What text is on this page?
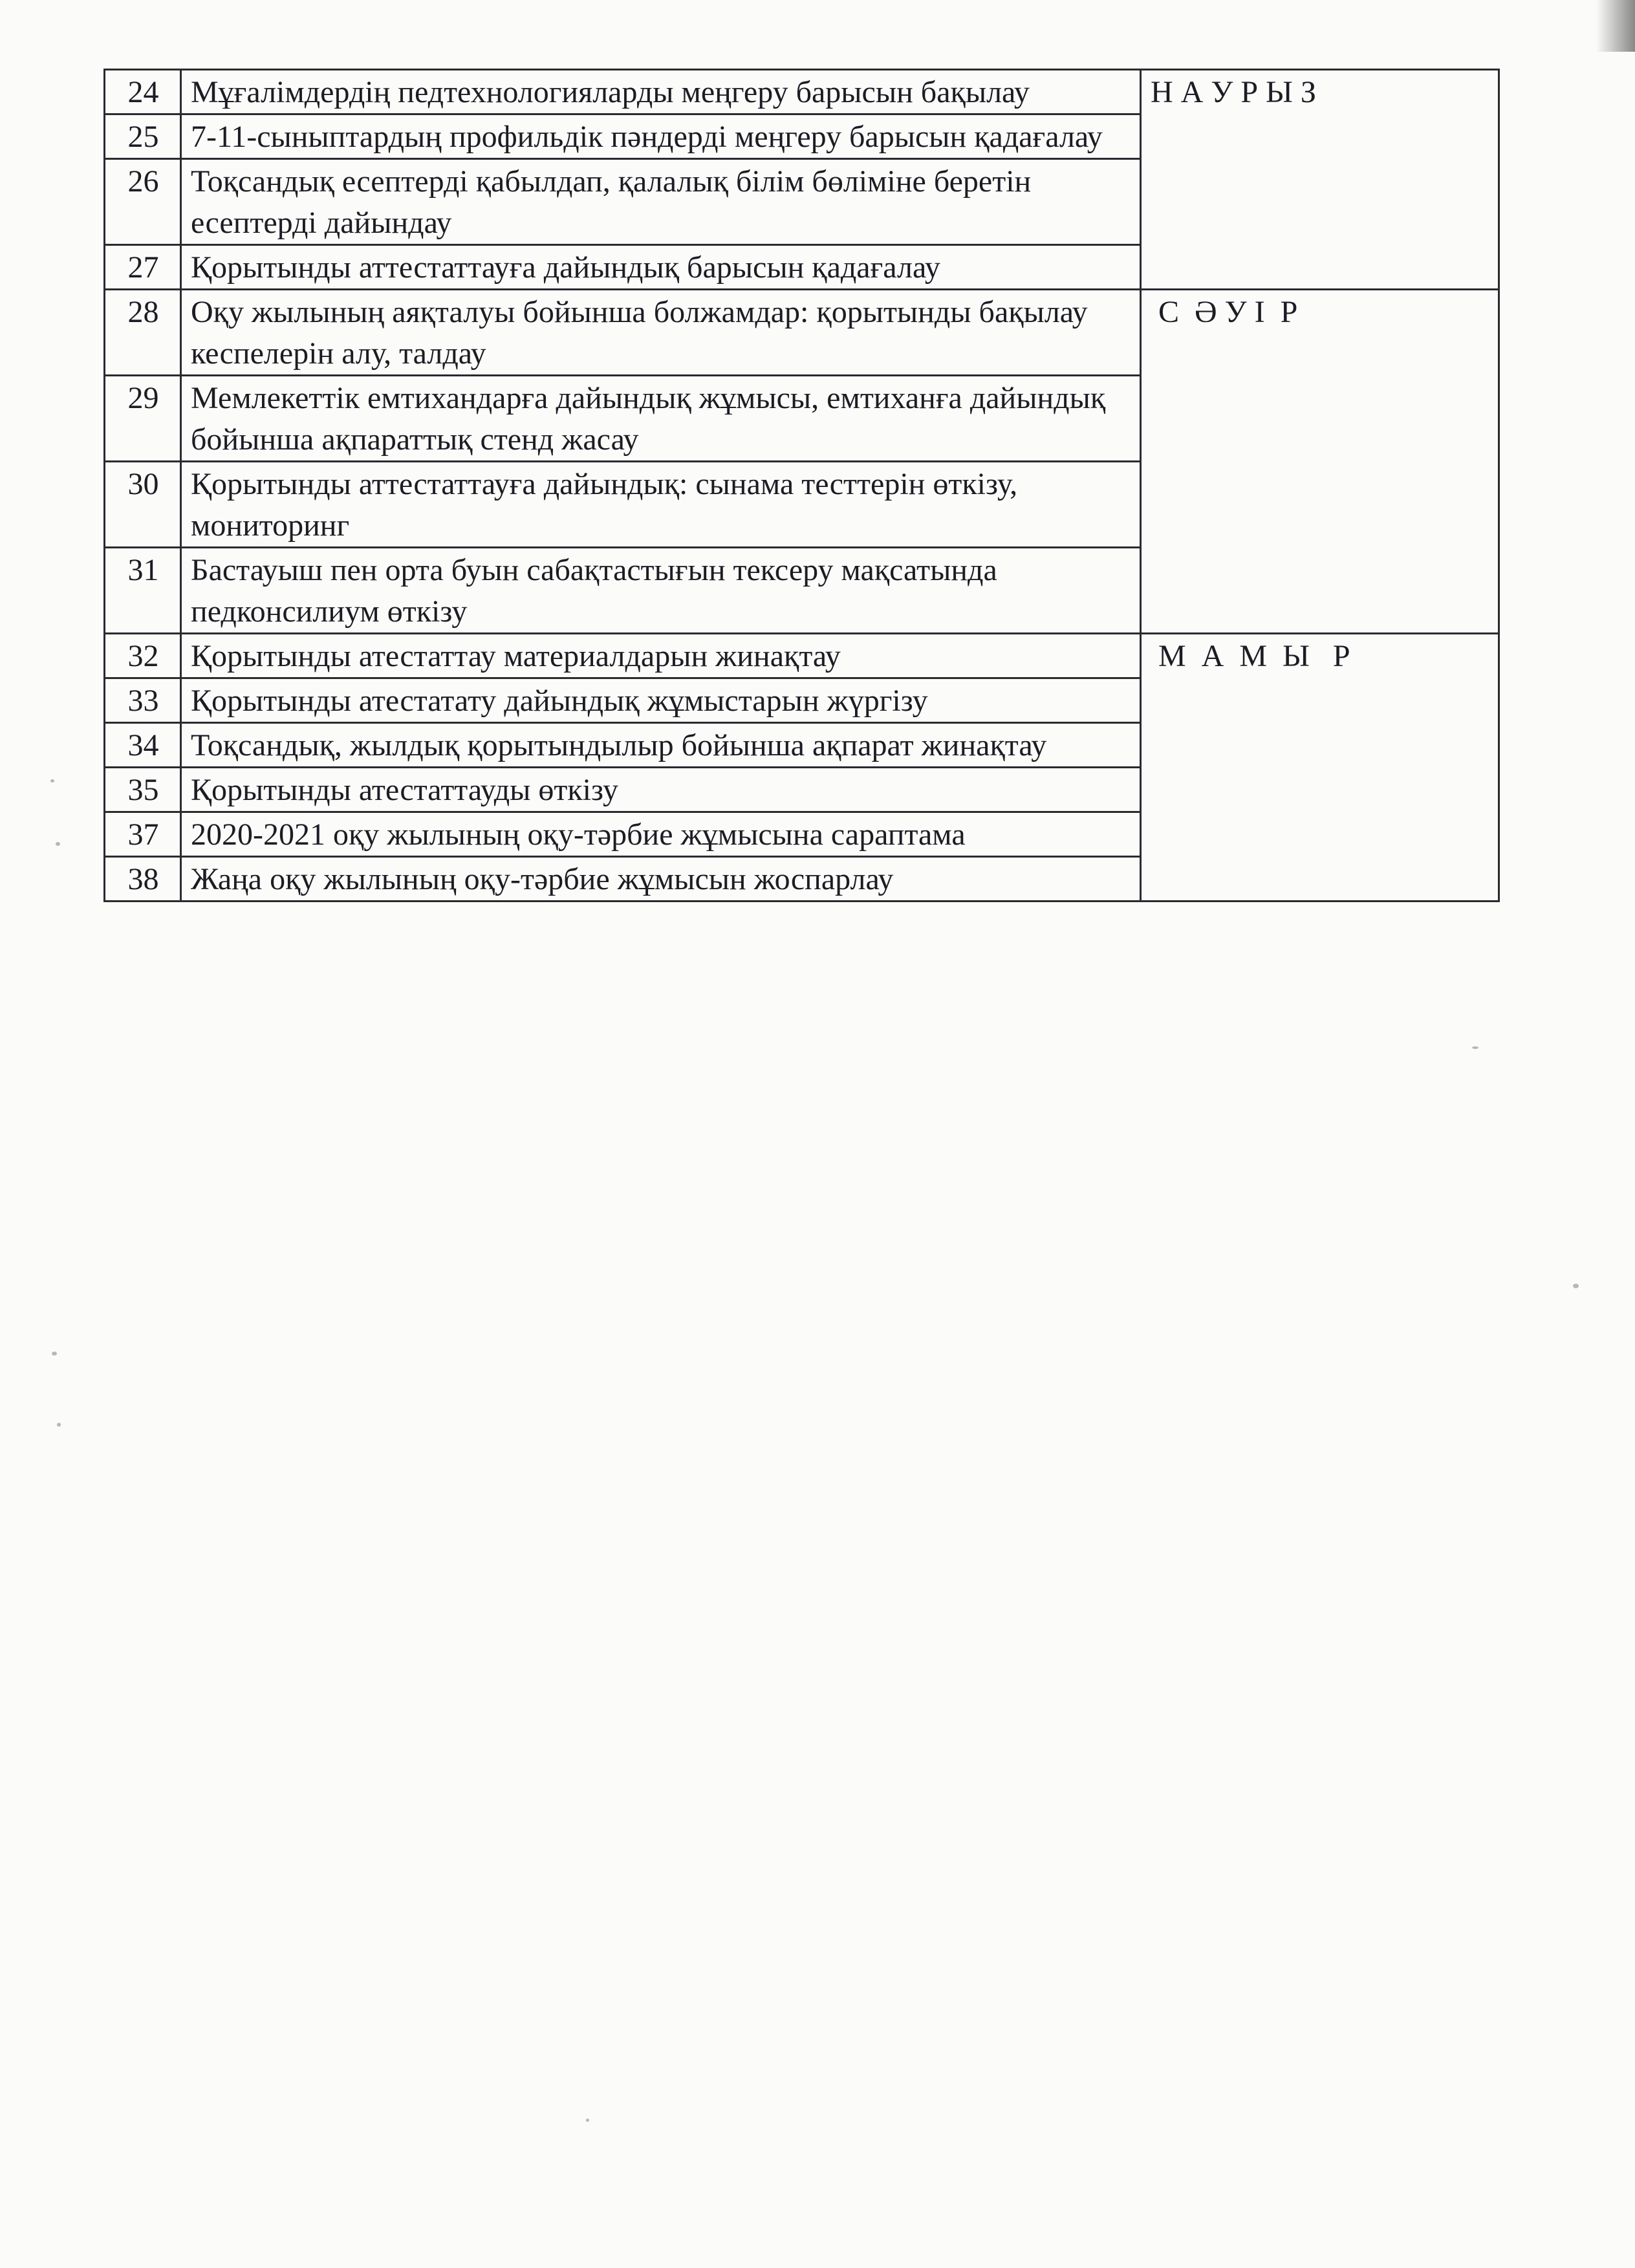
24	Мұғалімдердің педтехнологияларды меңгеру барысын бақылау	Н А У Р Ы З
25	7-11-сыныптардың профильдік пәндерді меңгеру барысын қадағалау	
26	Тоқсандық есептерді қабылдап, қалалық білім бөліміне беретін есептерді дайындау	
27	Қорытынды аттестаттауға дайындық барысын қадағалау	
28	Оқу жылының аяқталуы бойынша болжамдар: қорытынды бақылау кеспелерін алу, талдау	С  Ә У І  Р
29	Мемлекеттік емтихандарға дайындық жұмысы, емтиханға дайындық бойынша ақпараттық стенд жасау	
30	Қорытынды аттестаттауға дайындық: сынама тесттерін өткізу, мониторинг	
31	Бастауыш пен орта буын сабақтастығын тексеру мақсатында педконсилиум өткізу	
32	Қорытынды атестаттау материалдарын жинақтау	М  А  М  Ы   Р
33	Қорытынды атестатату дайындық жұмыстарын жүргізу	
34	Тоқсандық, жылдық қорытындылыр бойынша ақпарат жинақтау	
35	Қорытынды атестаттауды өткізу	
37	2020-2021 оқу жылының оқу-тәрбие жұмысына сараптама	
38	Жаңа оқу жылының оқу-тәрбие жұмысын жоспарлау	
